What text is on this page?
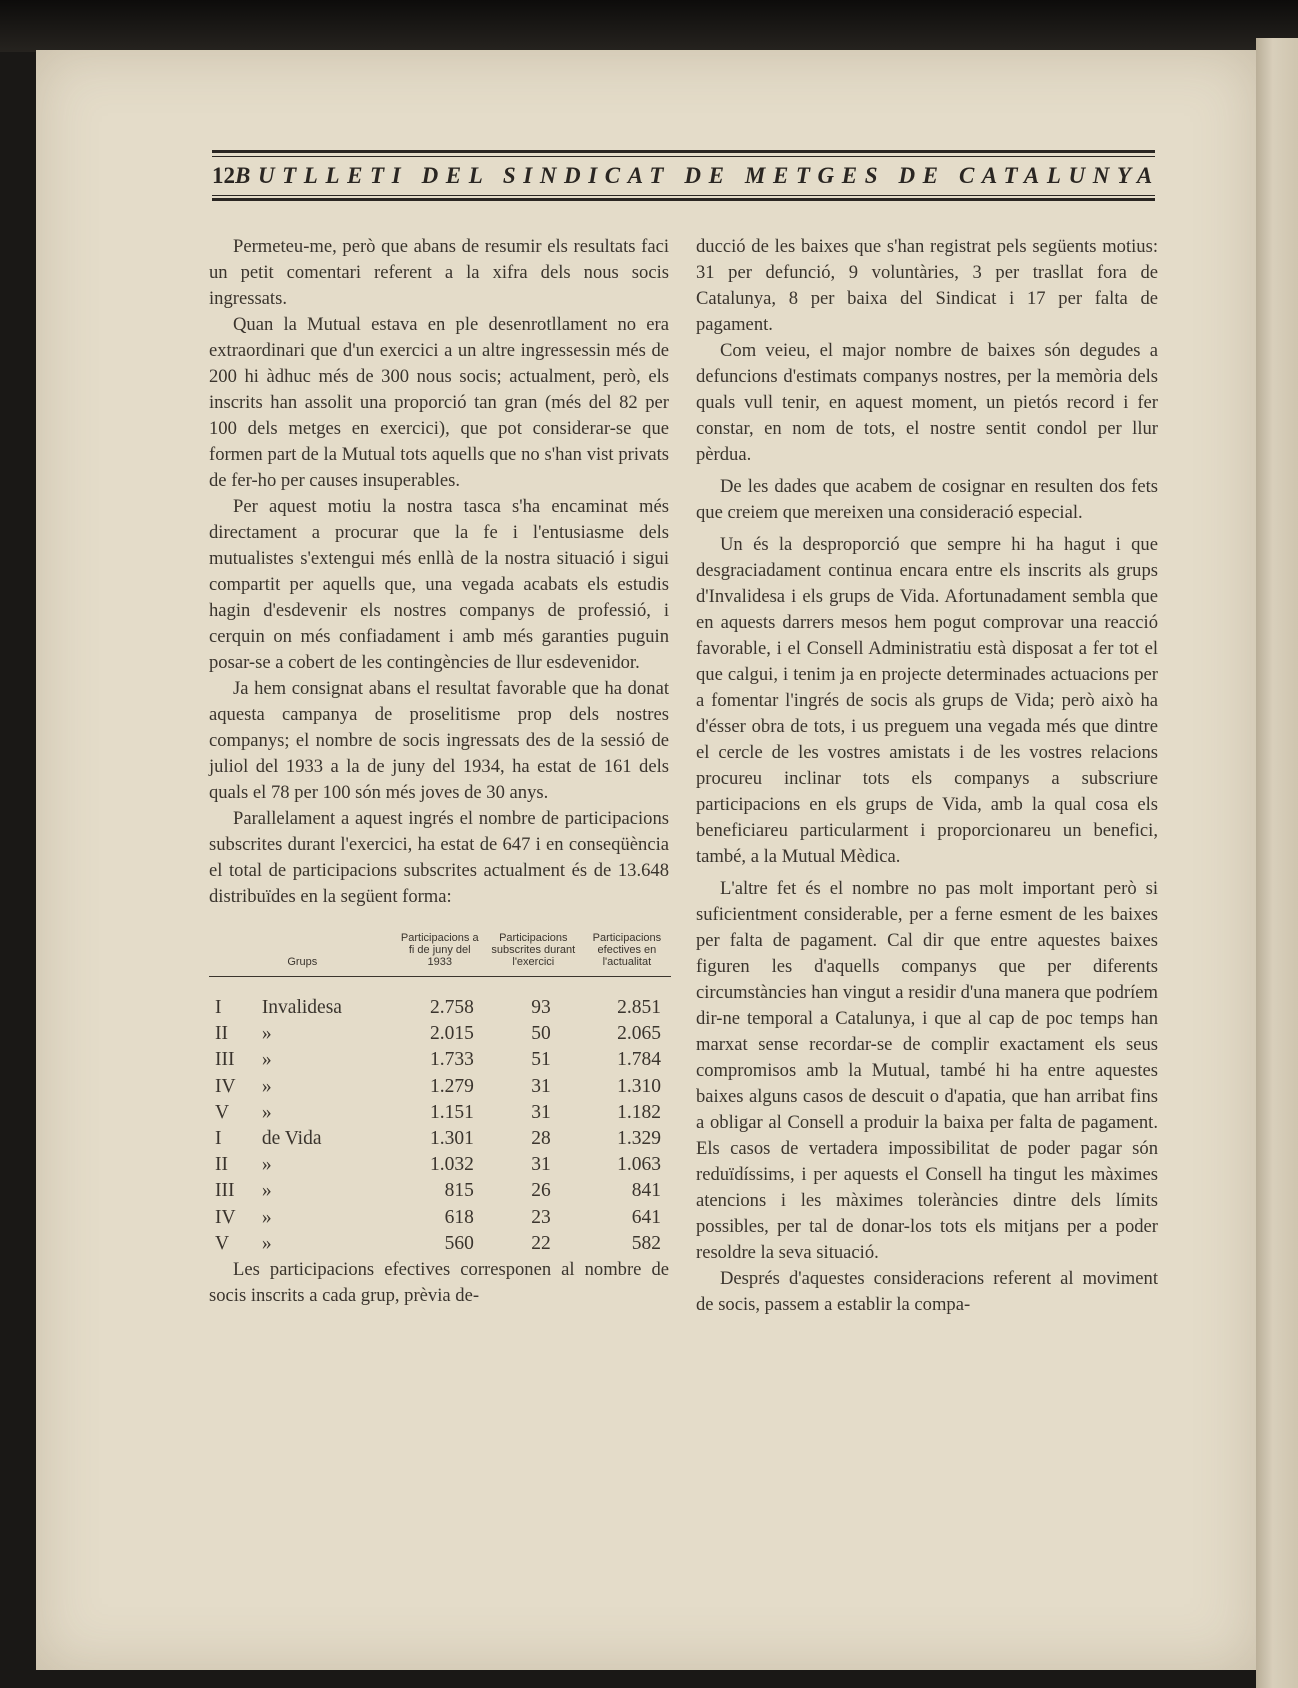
12 BUTLLETI DEL SINDICAT DE METGES DE CATALUNYA

Permeteu-me, però que abans de resumir els resultats faci un petit comentari referent a la xifra dels nous socis ingressats.

Quan la Mutual estava en ple desenrotllament no era extraordinari que d'un exercici a un altre ingressessin més de 200 hi àdhuc més de 300 nous socis; actualment, però, els inscrits han assolit una proporció tan gran (més del 82 per 100 dels metges en exercici), que pot considerar-se que formen part de la Mutual tots aquells que no s'han vist privats de fer-ho per causes insuperables.

Per aquest motiu la nostra tasca s'ha encaminat més directament a procurar que la fe i l'entusiasme dels mutualistes s'extengui més enllà de la nostra situació i sigui compartit per aquells que, una vegada acabats els estudis hagin d'esdevenir els nostres companys de professió, i cerquin on més confiadament i amb més garanties puguin posar-se a cobert de les contingències de llur esdevenidor.

Ja hem consignat abans el resultat favorable que ha donat aquesta campanya de proselitisme prop dels nostres companys; el nombre de socis ingressats des de la sessió de juliol del 1933 a la de juny del 1934, ha estat de 161 dels quals el 78 per 100 són més joves de 30 anys.

Parallelament a aquest ingrés el nombre de participacions subscrites durant l'exercici, ha estat de 647 i en conseqüència el total de participacions subscrites actualment és de 13.648 distribuïdes en la següent forma:

Grups		Participacions a fi de juny del 1933	Participacions subscrites durant l'exercici	Participacions efectives en l'actualitat
I	Invalidesa	2.758	93	2.851
II	»	2.015	50	2.065
III	»	1.733	51	1.784
IV	»	1.279	31	1.310
V	»	1.151	31	1.182
I	de Vida	1.301	28	1.329
II	»	1.032	31	1.063
III	»	815	26	841
IV	»	618	23	641
V	»	560	22	582

Les participacions efectives corresponen al nombre de socis inscrits a cada grup, prèvia de-

ducció de les baixes que s'han registrat pels següents motius: 31 per defunció, 9 voluntàries, 3 per trasllat fora de Catalunya, 8 per baixa del Sindicat i 17 per falta de pagament.

Com veieu, el major nombre de baixes són degudes a defuncions d'estimats companys nostres, per la memòria dels quals vull tenir, en aquest moment, un pietós record i fer constar, en nom de tots, el nostre sentit condol per llur pèrdua.

De les dades que acabem de cosignar en resulten dos fets que creiem que mereixen una consideració especial.

Un és la desproporció que sempre hi ha hagut i que desgraciadament continua encara entre els inscrits als grups d'Invalidesa i els grups de Vida. Afortunadament sembla que en aquests darrers mesos hem pogut comprovar una reacció favorable, i el Consell Administratiu està disposat a fer tot el que calgui, i tenim ja en projecte determinades actuacions per a fomentar l'ingrés de socis als grups de Vida; però això ha d'ésser obra de tots, i us preguem una vegada més que dintre el cercle de les vostres amistats i de les vostres relacions procureu inclinar tots els companys a subscriure participacions en els grups de Vida, amb la qual cosa els beneficiareu particularment i proporcionareu un benefici, també, a la Mutual Mèdica.

L'altre fet és el nombre no pas molt important però si suficientment considerable, per a ferne esment de les baixes per falta de pagament. Cal dir que entre aquestes baixes figuren les d'aquells companys que per diferents circumstàncies han vingut a residir d'una manera que podríem dir-ne temporal a Catalunya, i que al cap de poc temps han marxat sense recordar-se de complir exactament els seus compromisos amb la Mutual, també hi ha entre aquestes baixes alguns casos de descuit o d'apatia, que han arribat fins a obligar al Consell a produir la baixa per falta de pagament. Els casos de vertadera impossibilitat de poder pagar són reduïdíssims, i per aquests el Consell ha tingut les màximes atencions i les màximes toleràncies dintre dels límits possibles, per tal de donar-los tots els mitjans per a poder resoldre la seva situació.

Després d'aquestes consideracions referent al moviment de socis, passem a establir la compa-
